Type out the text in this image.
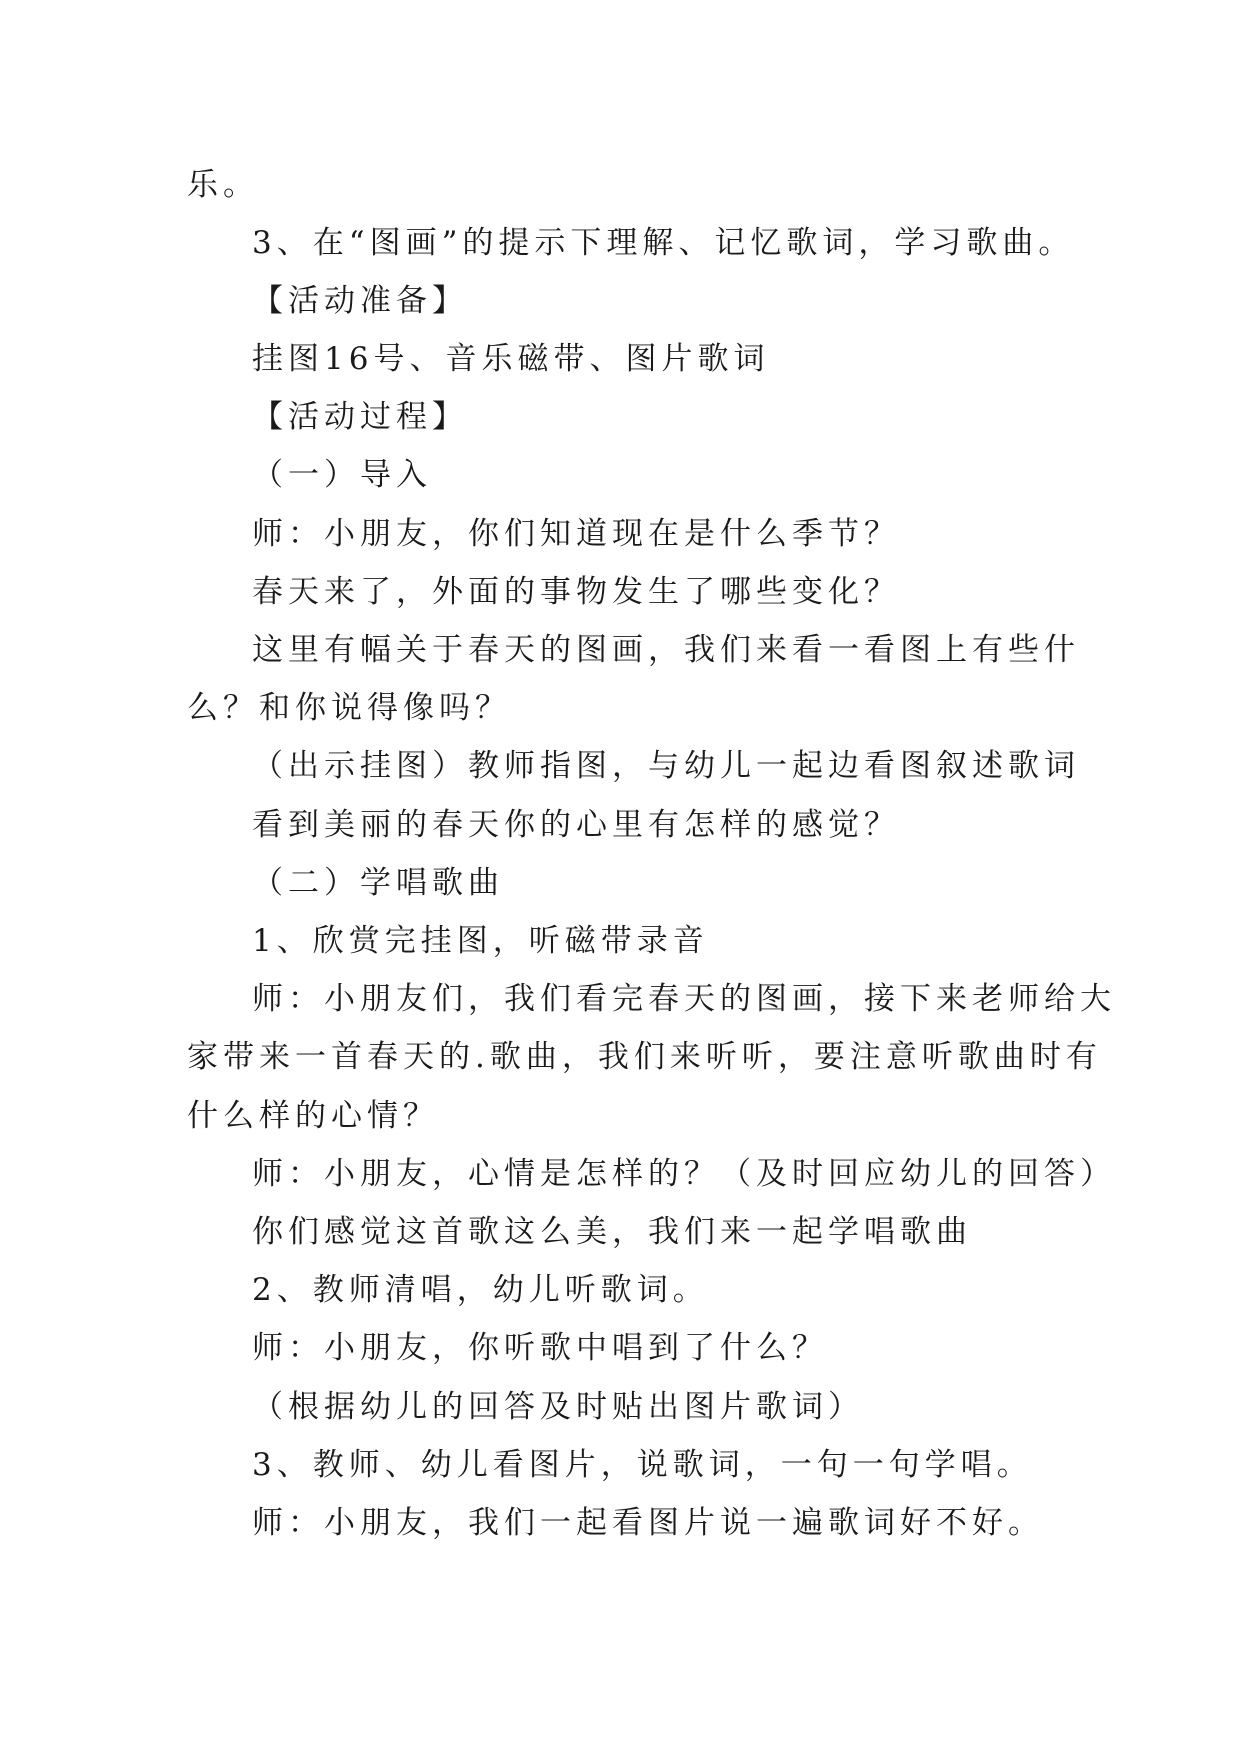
乐。
3、在“图画”的提示下理解、记忆歌词，学习歌曲。
【活动准备】
挂图16号、音乐磁带、图片歌词
【活动过程】
（一）导入
师：小朋友，你们知道现在是什么季节？
春天来了，外面的事物发生了哪些变化？
这里有幅关于春天的图画，我们来看一看图上有些什
么？和你说得像吗？
（出示挂图）教师指图，与幼儿一起边看图叙述歌词
看到美丽的春天你的心里有怎样的感觉？
（二）学唱歌曲
1、欣赏完挂图，听磁带录音
师：小朋友们，我们看完春天的图画，接下来老师给大
家带来一首春天的.歌曲，我们来听听，要注意听歌曲时有
什么样的心情？
师：小朋友，心情是怎样的？（及时回应幼儿的回答）
你们感觉这首歌这么美，我们来一起学唱歌曲
2、教师清唱，幼儿听歌词。
师：小朋友，你听歌中唱到了什么？
（根据幼儿的回答及时贴出图片歌词）
3、教师、幼儿看图片，说歌词，一句一句学唱。
师：小朋友，我们一起看图片说一遍歌词好不好。
